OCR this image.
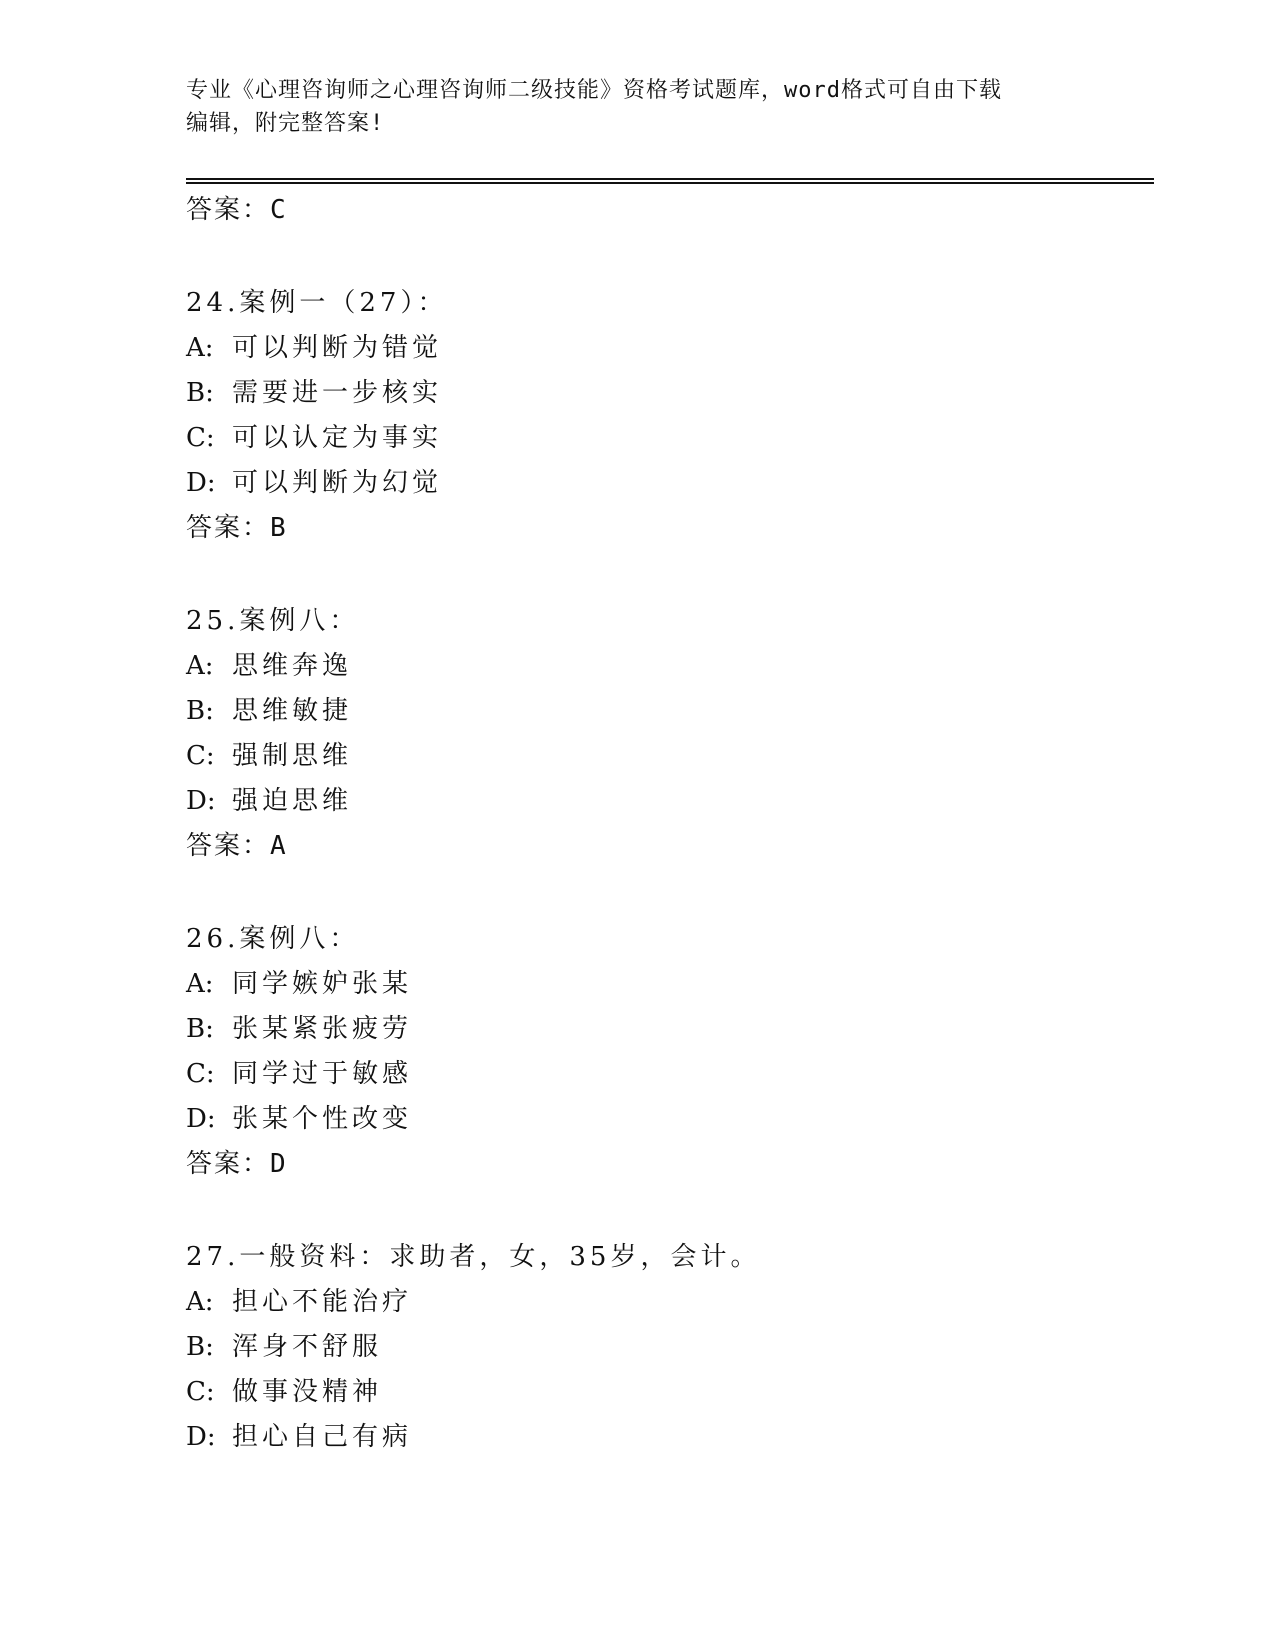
专业《心理咨询师之心理咨询师二级技能》资格考试题库，word格式可自由下载
编辑，附完整答案!
答案：C
24.案例一（27）：
A: 可以判断为错觉
B: 需要进一步核实
C: 可以认定为事实
D: 可以判断为幻觉
答案：B
25.案例八：
A: 思维奔逸
B: 思维敏捷
C: 强制思维
D: 强迫思维
答案：A
26.案例八：
A: 同学嫉妒张某
B: 张某紧张疲劳
C: 同学过于敏感
D: 张某个性改变
答案：D
27.一般资料：求助者，女，35岁，会计。
A: 担心不能治疗
B: 浑身不舒服
C: 做事没精神
D: 担心自己有病
